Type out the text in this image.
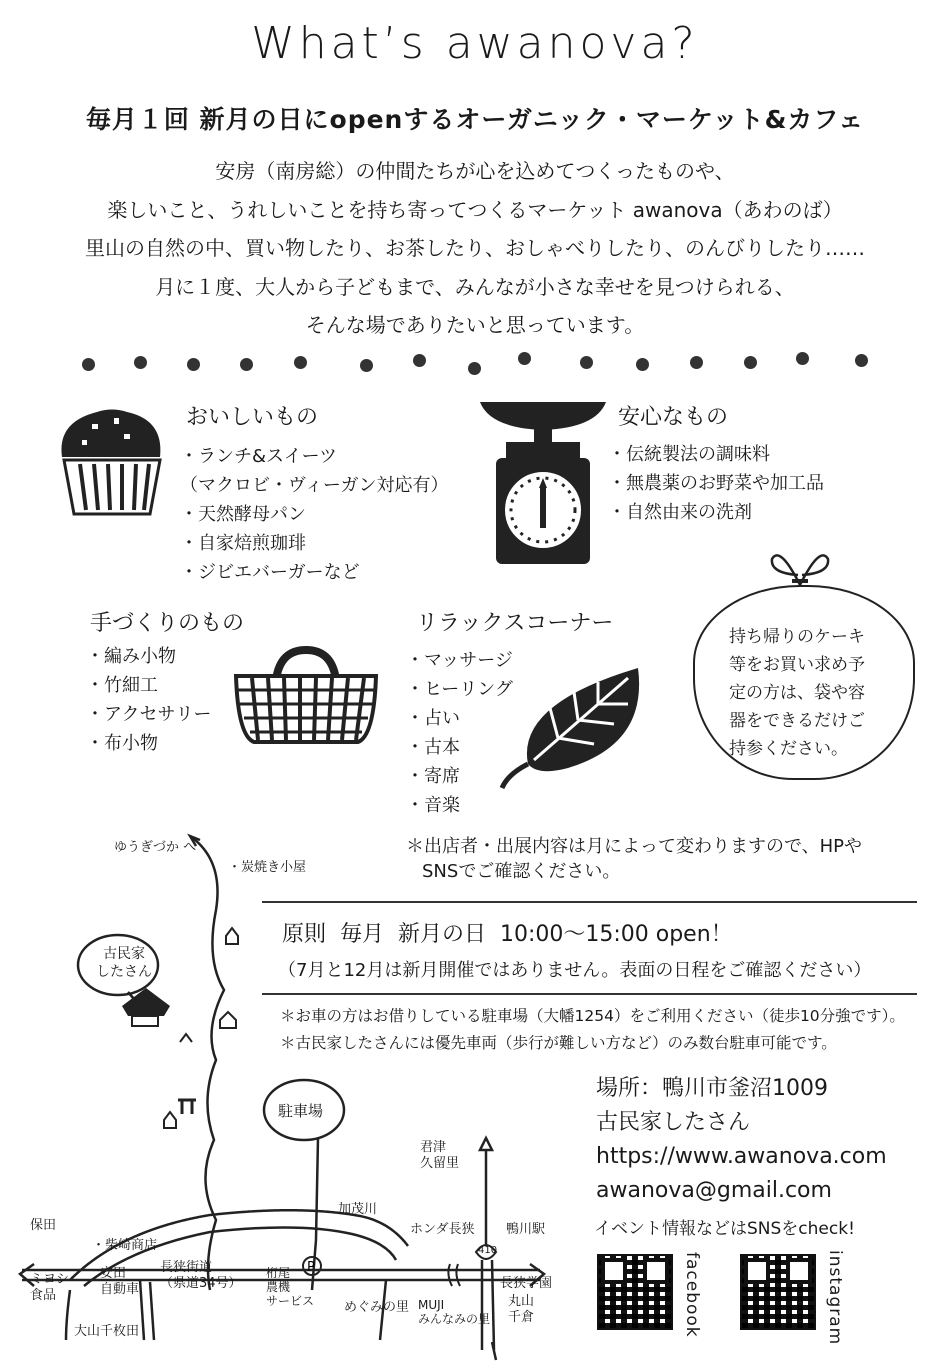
What’s awanova?
毎月１回 新月の日にopenするオーガニック・マーケット&カフェ
安房（南房総）の仲間たちが心を込めてつくったものや、
楽しいこと、うれしいことを持ち寄ってつくるマーケット awanova（あわのば）
里山の自然の中、買い物したり、お茶したり、おしゃべりしたり、のんびりしたり……
月に１度、大人から子どもまで、みんなが小さな幸せを見つけられる、
そんな場でありたいと思っています。
おいしいもの
・ ランチ&スイーツ
（マクロビ・ヴィーガン対応有）
・ 天然酵母パン
・ 自家焙煎珈琲
・ ジビエバーガーなど
安心なもの
・ 伝統製法の調味料
・ 無農薬のお野菜や加工品
・ 自然由来の洗剤
手づくりのもの
・ 編み小物
・ 竹細工
・ アクセサリー
・ 布小物
リラックスコーナー
・ マッサージ
・ ヒーリング
・ 占い
・ 古本
・ 寄席
・ 音楽
持ち帰りのケーキ
等をお買い求め予
定の方は、袋や容
器をできるだけご
持参ください。
＊出店者・出展内容は月によって変わりますので、HPや
SNSでご確認ください。
原則  毎月  新月の日  10:00〜15:00 open！
（7月と12月は新月開催ではありません。表面の日程をご確認ください）
＊お車の方はお借りしている駐車場（大幡1254）をご利用ください（徒歩10分強です）。
＊古民家したさんには優先車両（歩行が難しい方など）のみ数台駐車可能です。
場所：鴨川市釜沼1009
古民家したさん
https://www.awanova.com
awanova@gmail.com
イベント情報などはSNSをcheck!
facebook	instagram
P
ゆうぎづか へ
・炭焼き小屋
古民家
したさん
駐車場
加茂川
保田
・柴崎商店
君津
久留里
410
ホンダ長狭 鴨川駅
ミヨシ
食品
安田
自動車
長狭街道
（県道34号）
桁尾
農機
サービス めぐみの里 MUJI
みんなみの里
長狭学園
丸山
千倉
大山千枚田
